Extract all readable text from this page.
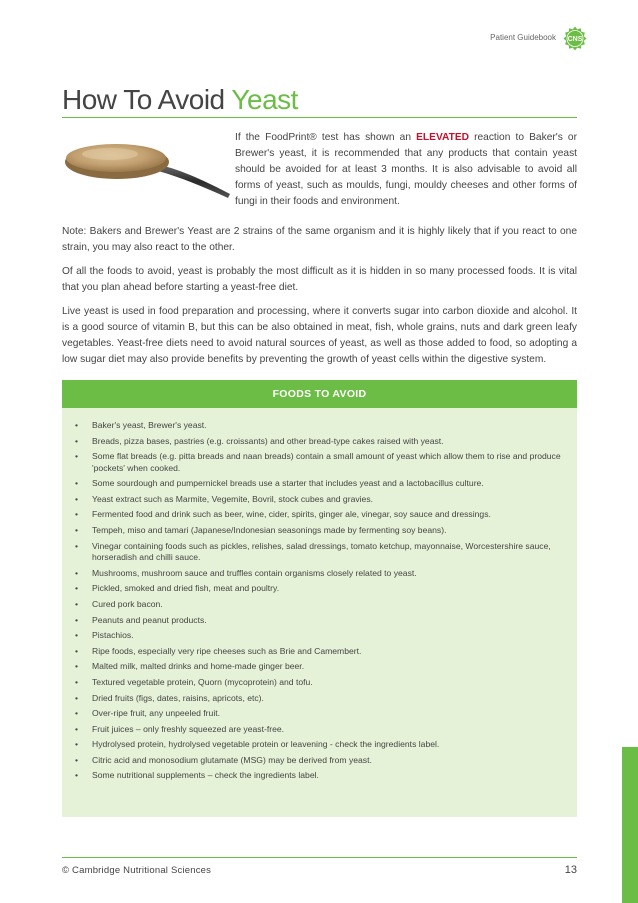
Patient Guidebook CNS
How To Avoid Yeast
If the FoodPrint® test has shown an ELEVATED reaction to Baker's or Brewer's yeast, it is recommended that any products that contain yeast should be avoided for at least 3 months. It is also advisable to avoid all forms of yeast, such as moulds, fungi, mouldy cheeses and other forms of fungi in their foods and environment.
Note: Bakers and Brewer's Yeast are 2 strains of the same organism and it is highly likely that if you react to one strain, you may also react to the other.
Of all the foods to avoid, yeast is probably the most difficult as it is hidden in so many processed foods. It is vital that you plan ahead before starting a yeast-free diet.
Live yeast is used in food preparation and processing, where it converts sugar into carbon dioxide and alcohol. It is a good source of vitamin B, but this can be also obtained in meat, fish, whole grains, nuts and dark green leafy vegetables. Yeast-free diets need to avoid natural sources of yeast, as well as those added to food, so adopting a low sugar diet may also provide benefits by preventing the growth of yeast cells within the digestive system.
FOODS TO AVOID
• Baker's yeast, Brewer's yeast.
• Breads, pizza bases, pastries (e.g. croissants) and other bread-type cakes raised with yeast.
• Some flat breads (e.g. pitta breads and naan breads) contain a small amount of yeast which allow them to rise and produce 'pockets' when cooked.
• Some sourdough and pumpernickel breads use a starter that includes yeast and a lactobacillus culture.
• Yeast extract such as Marmite, Vegemite, Bovril, stock cubes and gravies.
• Fermented food and drink such as beer, wine, cider, spirits, ginger ale, vinegar, soy sauce and dressings.
• Tempeh, miso and tamari (Japanese/Indonesian seasonings made by fermenting soy beans).
• Vinegar containing foods such as pickles, relishes, salad dressings, tomato ketchup, mayonnaise, Worcestershire sauce, horseradish and chilli sauce.
• Mushrooms, mushroom sauce and truffles contain organisms closely related to yeast.
• Pickled, smoked and dried fish, meat and poultry.
• Cured pork bacon.
• Peanuts and peanut products.
• Pistachios.
• Ripe foods, especially very ripe cheeses such as Brie and Camembert.
• Malted milk, malted drinks and home-made ginger beer.
• Textured vegetable protein, Quorn (mycoprotein) and tofu.
• Dried fruits (figs, dates, raisins, apricots, etc).
• Over-ripe fruit, any unpeeled fruit.
• Fruit juices – only freshly squeezed are yeast-free.
• Hydrolysed protein, hydrolysed vegetable protein or leavening - check the ingredients label.
• Citric acid and monosodium glutamate (MSG) may be derived from yeast.
• Some nutritional supplements – check the ingredients label.
© Cambridge Nutritional Sciences	13
